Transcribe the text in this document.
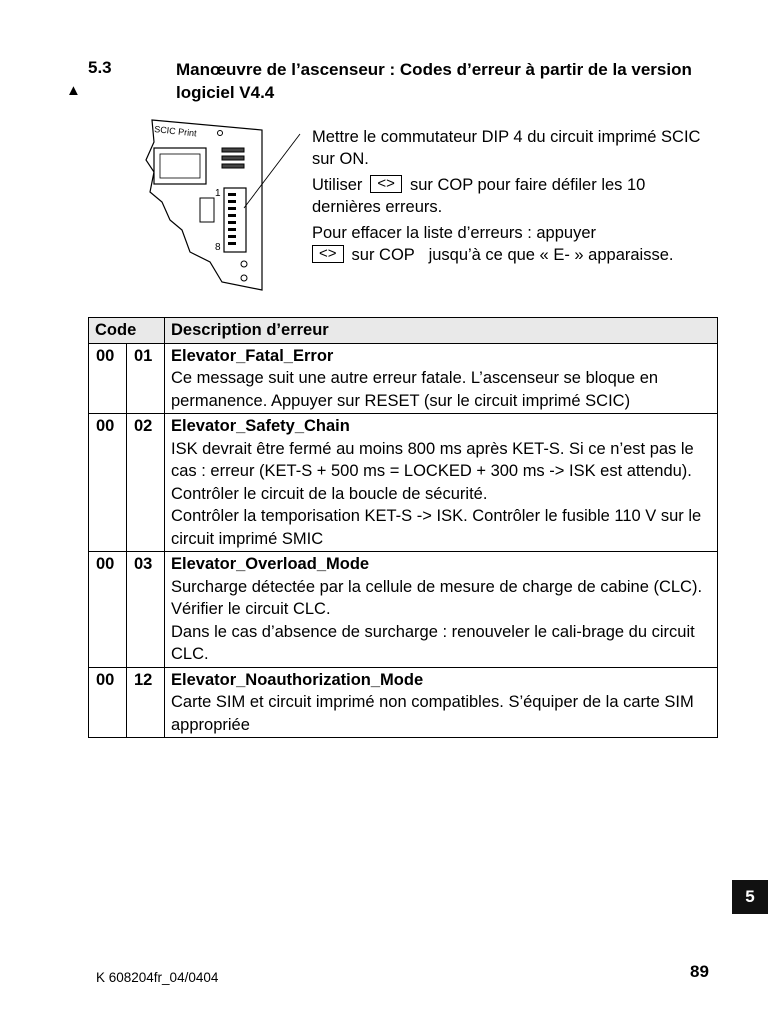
5.3
▲
Manœuvre de l’ascenseur : Codes d’erreur à partir de la version logiciel V4.4
SCIC Print
1
8

Mettre le commutateur DIP 4 du circuit imprimé SCIC sur ON.

Utiliser <> sur COP pour faire défiler les 10 dernières erreurs.

Pour effacer la liste d’erreurs : appuyer
<> sur COP jusqu’à ce que « E- » apparaisse.

Code		Description d’erreur
00	01	Elevator_Fatal_Error
Ce message suit une autre erreur fatale. L’ascenseur se bloque en permanence. Appuyer sur RESET (sur le circuit imprimé SCIC)

00	02	Elevator_Safety_Chain
ISK devrait être fermé au moins 800 ms après KET-S. Si ce n’est pas le cas : erreur (KET-S + 500 ms = LOCKED + 300 ms -> ISK est attendu). Contrôler le circuit de la boucle de sécurité.
Contrôler la temporisation KET-S -> ISK. Contrôler le fusible 110 V sur le circuit imprimé SMIC

00	03	Elevator_Overload_Mode
Surcharge détectée par la cellule de mesure de charge de cabine (CLC). Vérifier le circuit CLC.
Dans le cas d’absence de surcharge : renouveler le cali-brage du circuit CLC.

00	12	Elevator_Noauthorization_Mode
Carte SIM et circuit imprimé non compatibles. S’équiper de la carte SIM appropriée
5
K 608204fr_04/0404	89
